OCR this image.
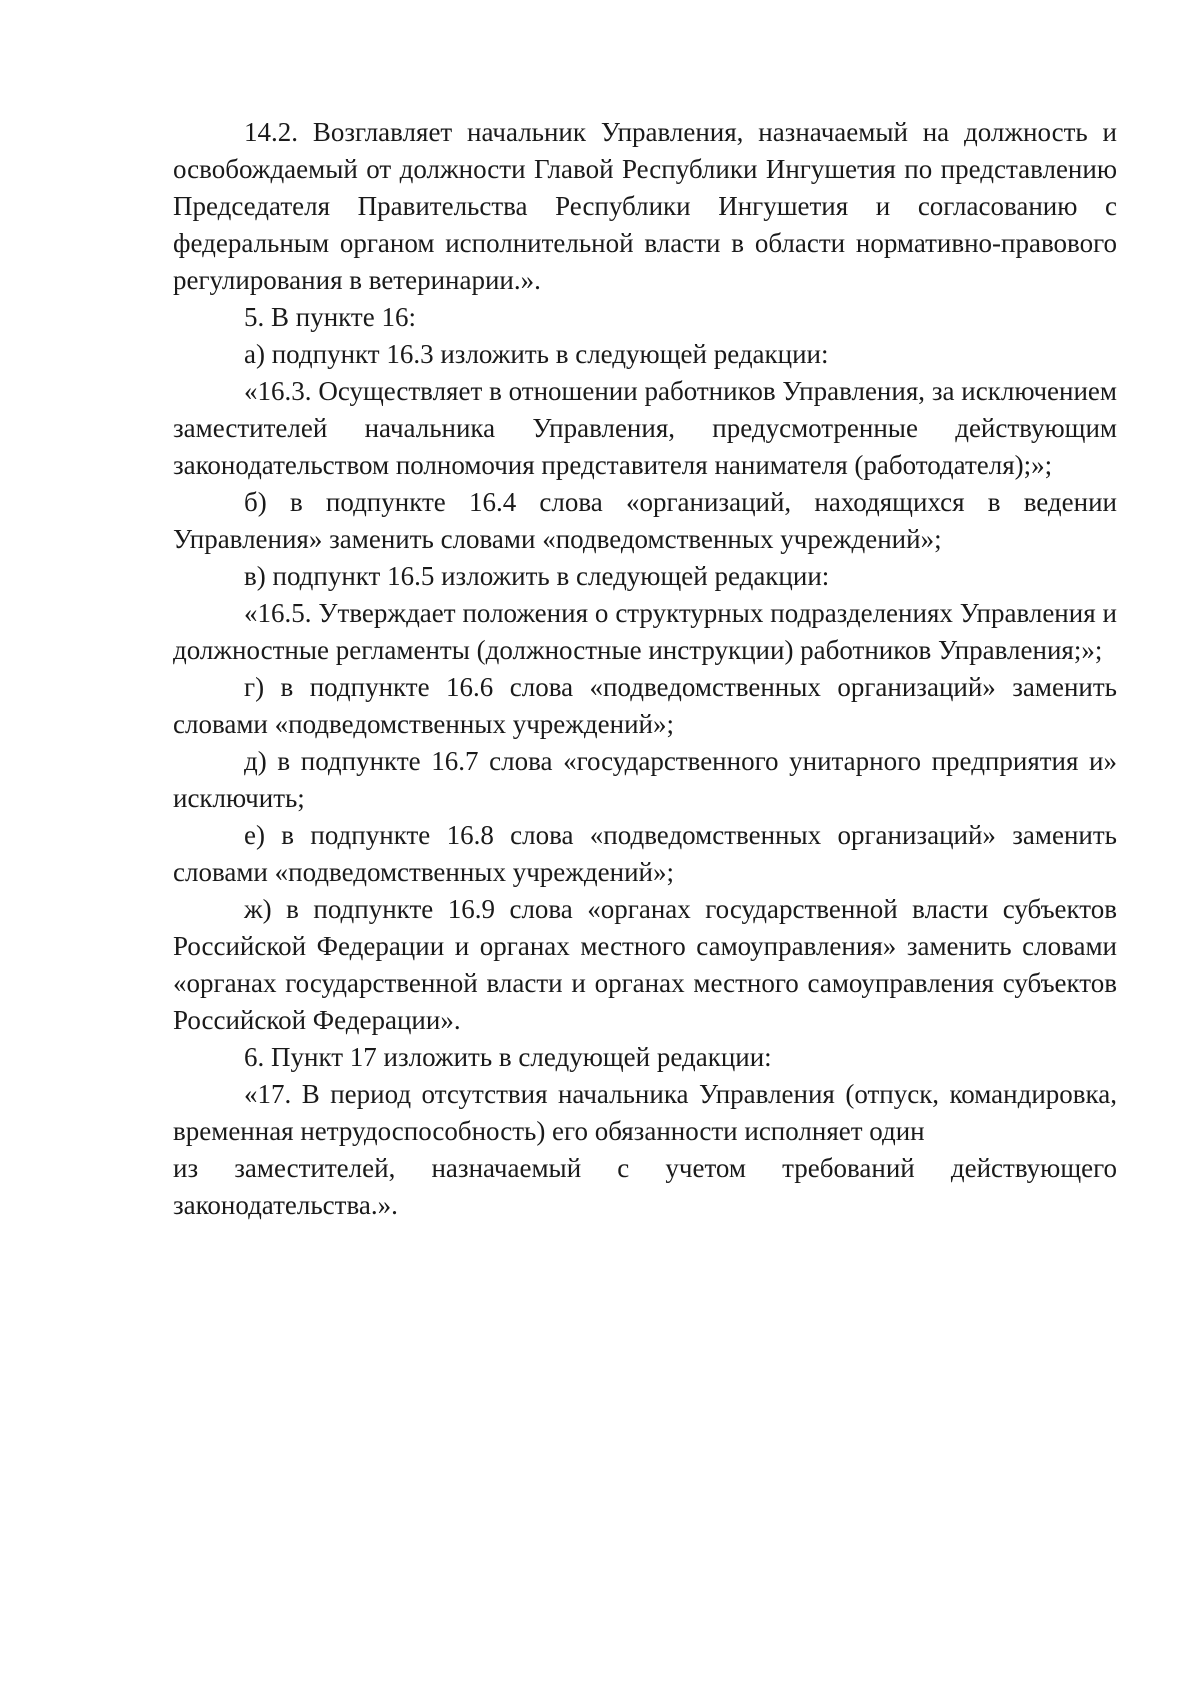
14.2. Возглавляет начальник Управления, назначаемый на должность и освобождаемый от должности Главой Республики Ингушетия по представлению Председателя Правительства Республики Ингушетия и согласованию с федеральным органом исполнительной власти в области нормативно-правового регулирования в ветеринарии.».

5. В пункте 16:

а) подпункт 16.3 изложить в следующей редакции:

«16.3. Осуществляет в отношении работников Управления, за исключением заместителей начальника Управления, предусмотренные действующим законодательством полномочия представителя нанимателя (работодателя);»;

б) в подпункте 16.4 слова «организаций, находящихся в ведении Управления» заменить словами «подведомственных учреждений»;

в) подпункт 16.5 изложить в следующей редакции:

«16.5. Утверждает положения о структурных подразделениях Управления и должностные регламенты (должностные инструкции) работников Управления;»;

г) в подпункте 16.6 слова «подведомственных организаций» заменить словами «подведомственных учреждений»;

д) в подпункте 16.7 слова «государственного унитарного предприятия и» исключить;

е) в подпункте 16.8 слова «подведомственных организаций» заменить словами «подведомственных учреждений»;

ж) в подпункте 16.9 слова «органах государственной власти субъектов Российской Федерации и органах местного самоуправления» заменить словами «органах государственной власти и органах местного самоуправления субъектов Российской Федерации».

6. Пункт 17 изложить в следующей редакции:

«17. В период отсутствия начальника Управления (отпуск, командировка, временная нетрудоспособность) его обязанности исполняет один

из заместителей, назначаемый с учетом требований действующего законодательства.».
